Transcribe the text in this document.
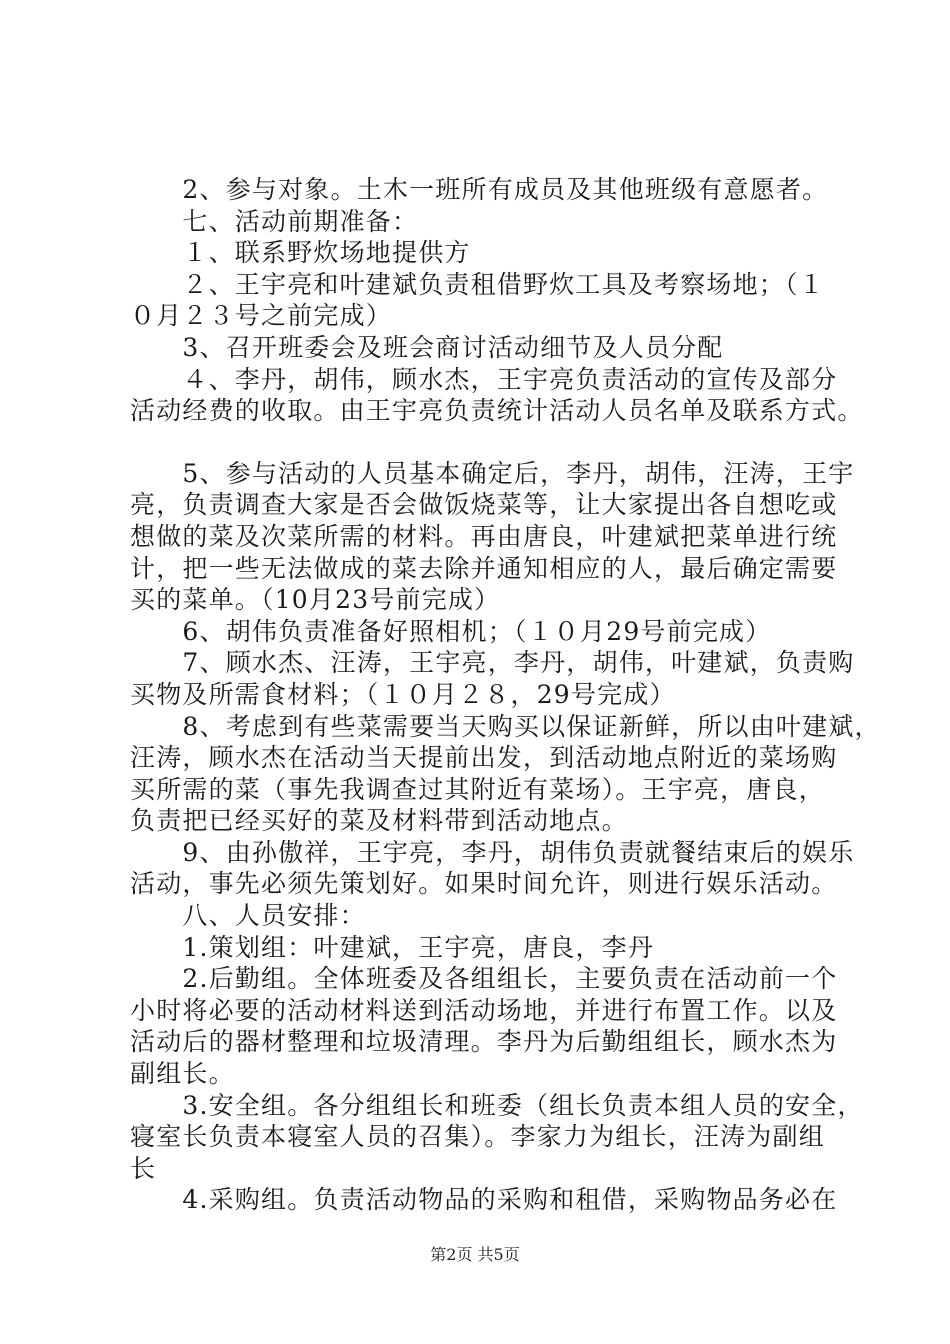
　　2、参与对象。土木一班所有成员及其他班级有意愿者。

　　七、活动前期准备：

　　１、联系野炊场地提供方

　　２、王宇亮和叶建斌负责租借野炊工具及考察场地；（１

０月２３号之前完成）

　　3、召开班委会及班会商讨活动细节及人员分配

　　４、李丹，胡伟，顾水杰，王宇亮负责活动的宣传及部分

活动经费的收取。由王宇亮负责统计活动人员名单及联系方式。

　　5、参与活动的人员基本确定后，李丹，胡伟，汪涛，王宇

亮，负责调查大家是否会做饭烧菜等，让大家提出各自想吃或

想做的菜及次菜所需的材料。再由唐良，叶建斌把菜单进行统

计，把一些无法做成的菜去除并通知相应的人，最后确定需要

买的菜单。（10月23号前完成）

　　6、胡伟负责准备好照相机；（１０月29号前完成）

　　7、顾水杰、汪涛，王宇亮，李丹，胡伟，叶建斌，负责购

买物及所需食材料；（１０月２８，29号完成）

　　8、考虑到有些菜需要当天购买以保证新鲜，所以由叶建斌，

汪涛，顾水杰在活动当天提前出发，到活动地点附近的菜场购

买所需的菜（事先我调查过其附近有菜场）。王宇亮，唐良，

负责把已经买好的菜及材料带到活动地点。

　　9、由孙傲祥，王宇亮，李丹，胡伟负责就餐结束后的娱乐

活动，事先必须先策划好。如果时间允许，则进行娱乐活动。

　　八、人员安排：

　　1.策划组：叶建斌，王宇亮，唐良，李丹

　　2.后勤组。全体班委及各组组长，主要负责在活动前一个

小时将必要的活动材料送到活动场地，并进行布置工作。以及

活动后的器材整理和垃圾清理。李丹为后勤组组长，顾水杰为

副组长。

　　3.安全组。各分组组长和班委（组长负责本组人员的安全，

寝室长负责本寝室人员的召集）。李家力为组长，汪涛为副组

长

　　4.采购组。负责活动物品的采购和租借，采购物品务必在

第2页 共5页
